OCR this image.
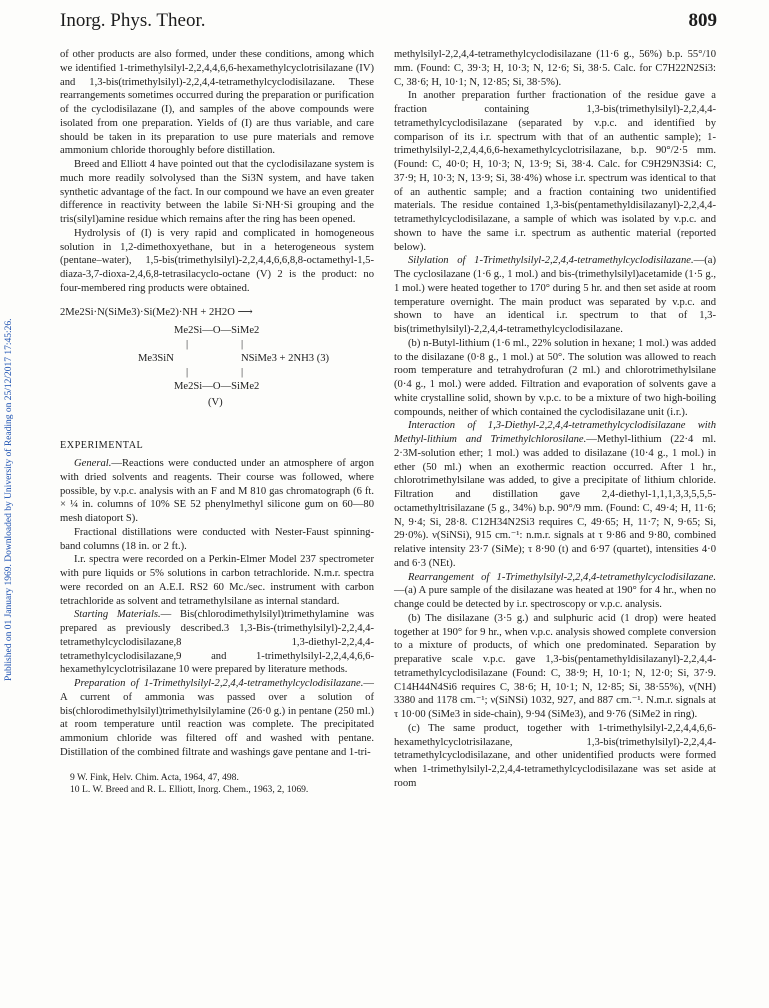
Inorg. Phys. Theor.	809
Published on 01 January 1969. Downloaded by University of Reading on 25/12/2017 17:45:26.

of other products are also formed, under these conditions, among which we identified 1-trimethylsilyl-2,2,4,4,6,6-hexamethylcyclotrisilazane (IV) and 1,3-bis(trimethylsilyl)-2,2,4,4-tetramethylcyclodisilazane. These rearrangements sometimes occurred during the preparation or purification of the cyclodisilazane (I), and samples of the above compounds were isolated from one preparation. Yields of (I) are thus variable, and care should be taken in its preparation to use pure materials and remove ammonium chloride thoroughly before distillation.

Breed and Elliott 4 have pointed out that the cyclodisilazane system is much more readily solvolysed than the Si3N system, and have taken synthetic advantage of the fact. In our compound we have an even greater difference in reactivity between the labile Si·NH·Si grouping and the tris(silyl)amine residue which remains after the ring has been opened.

Hydrolysis of (I) is very rapid and complicated in homogeneous solution in 1,2-dimethoxyethane, but in a heterogeneous system (pentane–water), 1,5-bis(trimethylsilyl)-2,2,4,4,6,6,8,8-octamethyl-1,5-diaza-3,7-dioxa-2,4,6,8-tetrasilacyclo-octane (V) 2 is the product: no four-membered ring products were obtained.

2Me2Si·N(SiMe3)·Si(Me2)·NH + 2H2O ⟶
Me2Si—O—SiMe2
|	|
Me3SiN	NSiMe3 + 2NH3 (3)
|	|
Me2Si—O—SiMe2
(V)
EXPERIMENTAL

General.—Reactions were conducted under an atmosphere of argon with dried solvents and reagents. Their course was followed, where possible, by v.p.c. analysis with an F and M 810 gas chromatograph (6 ft. × ¼ in. columns of 10% SE 52 phenylmethyl silicone gum on 60—80 mesh diatoport S).

Fractional distillations were conducted with Nester-Faust spinning-band columns (18 in. or 2 ft.).

I.r. spectra were recorded on a Perkin-Elmer Model 237 spectrometer with pure liquids or 5% solutions in carbon tetrachloride. N.m.r. spectra were recorded on an A.E.I. RS2 60 Mc./sec. instrument with carbon tetrachloride as solvent and tetramethylsilane as internal standard.

Starting Materials.— Bis(chlorodimethylsilyl)trimethylamine was prepared as previously described.3 1,3-Bis-(trimethylsilyl)-2,2,4,4-tetramethylcyclodisilazane,8 1,3-diethyl-2,2,4,4-tetramethylcyclodisilazane,9 and 1-trimethylsilyl-2,2,4,4,6,6-hexamethylcyclotrisilazane 10 were prepared by literature methods.

Preparation of 1-Trimethylsilyl-2,2,4,4-tetramethylcyclodisilazane.—A current of ammonia was passed over a solution of bis(chlorodimethylsilyl)trimethylsilylamine (26·0 g.) in pentane (250 ml.) at room temperature until reaction was complete. The precipitated ammonium chloride was filtered off and washed with pentane. Distillation of the combined filtrate and washings gave pentane and 1-tri-

9 W. Fink, Helv. Chim. Acta, 1964, 47, 498.
10 L. W. Breed and R. L. Elliott, Inorg. Chem., 1963, 2, 1069.

methylsilyl-2,2,4,4-tetramethylcyclodisilazane (11·6 g., 56%) b.p. 55°/10 mm. (Found: C, 39·3; H, 10·3; N, 12·6; Si, 38·5. Calc. for C7H22N2Si3: C, 38·6; H, 10·1; N, 12·85; Si, 38·5%).

In another preparation further fractionation of the residue gave a fraction containing 1,3-bis(trimethylsilyl)-2,2,4,4-tetramethylcyclodisilazane (separated by v.p.c. and identified by comparison of its i.r. spectrum with that of an authentic sample); 1-trimethylsilyl-2,2,4,4,6,6-hexamethylcyclotrisilazane, b.p. 90°/2·5 mm. (Found: C, 40·0; H, 10·3; N, 13·9; Si, 38·4. Calc. for C9H29N3Si4: C, 37·9; H, 10·3; N, 13·9; Si, 38·4%) whose i.r. spectrum was identical to that of an authentic sample; and a fraction containing two unidentified materials. The residue contained 1,3-bis(pentamethyldisilazanyl)-2,2,4,4-tetramethylcyclodisilazane, a sample of which was isolated by v.p.c. and shown to have the same i.r. spectrum as authentic material (reported below).

Silylation of 1-Trimethylsilyl-2,2,4,4-tetramethylcyclodisilazane.—(a) The cyclosilazane (1·6 g., 1 mol.) and bis-(trimethylsilyl)acetamide (1·5 g., 1 mol.) were heated together to 170° during 5 hr. and then set aside at room temperature overnight. The main product was separated by v.p.c. and shown to have an identical i.r. spectrum to that of 1,3-bis(trimethylsilyl)-2,2,4,4-tetramethylcyclodisilazane.

(b) n-Butyl-lithium (1·6 ml., 22% solution in hexane; 1 mol.) was added to the disilazane (0·8 g., 1 mol.) at 50°. The solution was allowed to reach room temperature and tetrahydrofuran (2 ml.) and chlorotrimethylsilane (0·4 g., 1 mol.) were added. Filtration and evaporation of solvents gave a white crystalline solid, shown by v.p.c. to be a mixture of two high-boiling compounds, neither of which contained the cyclodisilazane unit (i.r.).

Interaction of 1,3-Diethyl-2,2,4,4-tetramethylcyclodisilazane with Methyl-lithium and Trimethylchlorosilane.—Methyl-lithium (22·4 ml. 2·3M-solution ether; 1 mol.) was added to disilazane (10·4 g., 1 mol.) in ether (50 ml.) when an exothermic reaction occurred. After 1 hr., chlorotrimethylsilane was added, to give a precipitate of lithium chloride. Filtration and distillation gave 2,4-diethyl-1,1,1,3,3,5,5,5-octamethyltrisilazane (5 g., 34%) b.p. 90°/9 mm. (Found: C, 49·4; H, 11·6; N, 9·4; Si, 28·8. C12H34N2Si3 requires C, 49·65; H, 11·7; N, 9·65; Si, 29·0%). ν(SiNSi), 915 cm.⁻¹: n.m.r. signals at τ 9·86 and 9·80, combined relative intensity 23·7 (SiMe); τ 8·90 (t) and 6·97 (quartet), intensities 4·0 and 6·3 (NEt).

Rearrangement of 1-Trimethylsilyl-2,2,4,4-tetramethylcyclodisilazane.—(a) A pure sample of the disilazane was heated at 190° for 4 hr., when no change could be detected by i.r. spectroscopy or v.p.c. analysis.

(b) The disilazane (3·5 g.) and sulphuric acid (1 drop) were heated together at 190° for 9 hr., when v.p.c. analysis showed complete conversion to a mixture of products, of which one predominated. Separation by preparative scale v.p.c. gave 1,3-bis(pentamethyldisilazanyl)-2,2,4,4-tetramethylcyclodisilazane (Found: C, 38·9; H, 10·1; N, 12·0; Si, 37·9. C14H44N4Si6 requires C, 38·6; H, 10·1; N, 12·85; Si, 38·55%), ν(NH) 3380 and 1178 cm.⁻¹; ν(SiNSi) 1032, 927, and 887 cm.⁻¹. N.m.r. signals at τ 10·00 (SiMe3 in side-chain), 9·94 (SiMe3), and 9·76 (SiMe2 in ring).

(c) The same product, together with 1-trimethylsilyl-2,2,4,4,6,6-hexamethylcyclotrisilazane, 1,3-bis(trimethylsilyl)-2,2,4,4-tetramethylcyclodisilazane, and other unidentified products were formed when 1-trimethylsilyl-2,2,4,4-tetramethylcyclodisilazane was set aside at room
